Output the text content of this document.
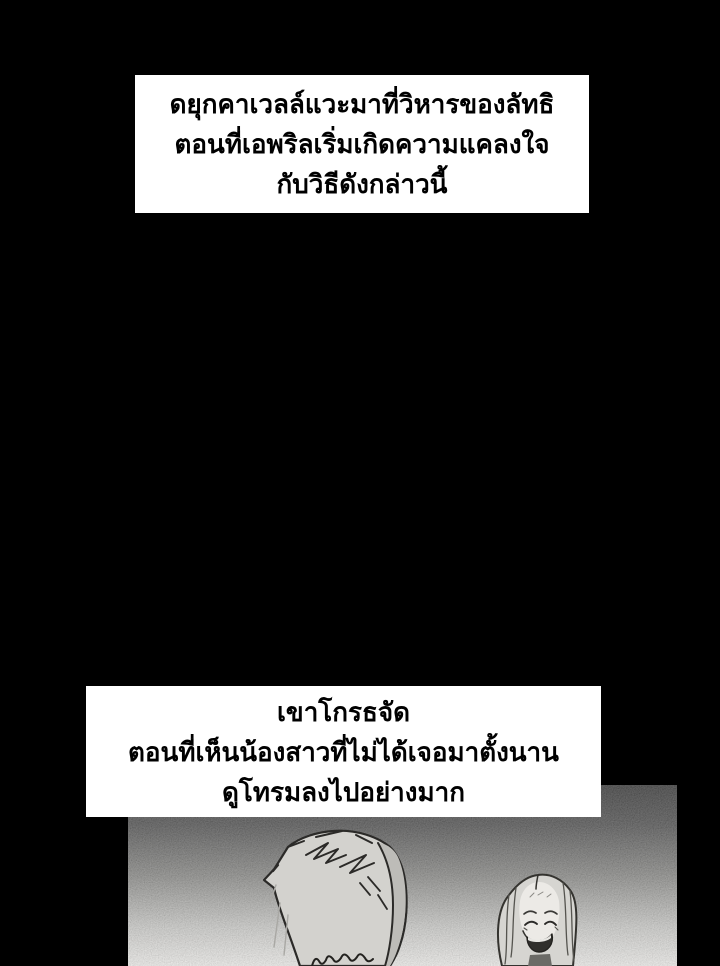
ดยุกคาเวลล์แวะมาที่วิหารของลัทธิ

ตอนที่เอพริลเริ่มเกิดความแคลงใจ

กับวิธีดังกล่าวนี้

เขาโกรธจัด

ตอนที่เห็นน้องสาวที่ไม่ได้เจอมาตั้งนาน

ดูโทรมลงไปอย่างมาก
